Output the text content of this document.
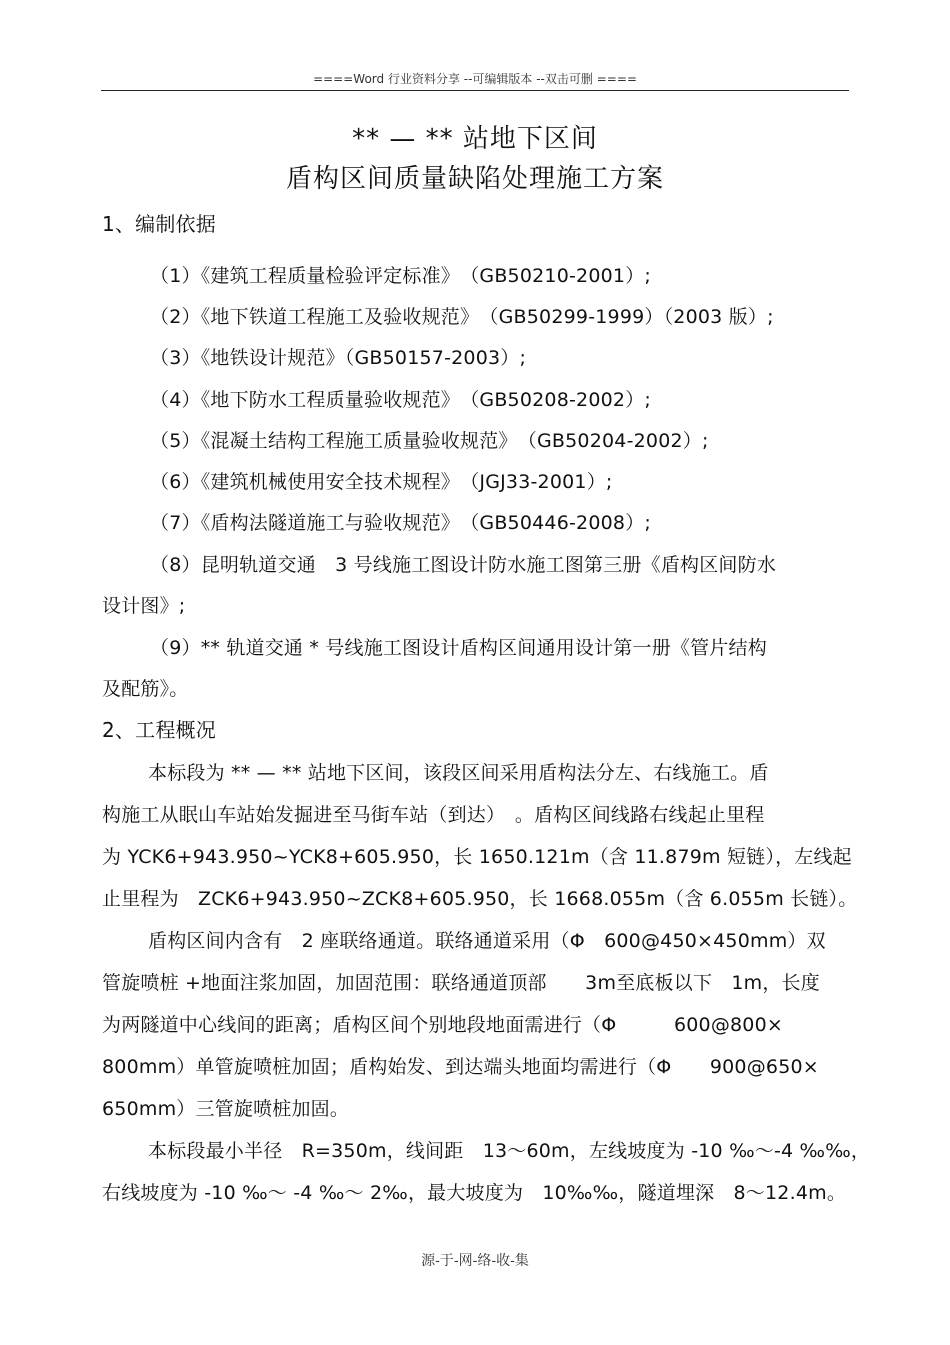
====Word 行业资料分享 --可编辑版本 --双击可删 ====
** — ** 站地下区间
盾构区间质量缺陷处理施工方案
1、编制依据
（1）《建筑工程质量检验评定标准》　（GB50210-2001）;
（2）《地下铁道工程施工及验收规范》　（GB50299-1999）（2003 版）;
（3）《地铁设计规范》（GB50157-2003）;
（4）《地下防水工程质量验收规范》　（GB50208-2002）;
（5）《混凝土结构工程施工质量验收规范》　（GB50204-2002）;
（6）《建筑机械使用安全技术规程》　（JGJ33-2001）;
（7）《盾构法隧道施工与验收规范》　（GB50446-2008）;
（8）昆明轨道交通　3 号线施工图设计防水施工图第三册《盾构区间防水
设计图》;
（9）** 轨道交通 * 号线施工图设计盾构区间通用设计第一册《管片结构
及配筋》。
2、工程概况
本标段为 ** — ** 站地下区间，该段区间采用盾构法分左、右线施工。盾
构施工从眠山车站始发掘进至马街车站（到达）　。盾构区间线路右线起止里程
为 YCK6+943.950~YCK8+605.950，长 1650.121m（含 11.879m 短链），左线起
止里程为　ZCK6+943.950~ZCK8+605.950，长 1668.055m（含 6.055m 长链）。
盾构区间内含有　2 座联络通道。联络通道采用（Φ　600@450×450mm）双
管旋喷桩 +地面注浆加固，加固范围：联络通道顶部　　3m至底板以下　1m，长度
为两隧道中心线间的距离；盾构区间个别地段地面需进行（Φ　　　600@800×
800mm）单管旋喷桩加固；盾构始发、到达端头地面均需进行（Φ　　900@650×
650mm）三管旋喷桩加固。
本标段最小半径　R=350m，线间距　13～60m，左线坡度为 -10 ‰～-4 ‰‰，
右线坡度为 -10 ‰～ -4 ‰～ 2‰，最大坡度为　10‰‰，隧道埋深　8～12.4m。
源-于-网-络-收-集
